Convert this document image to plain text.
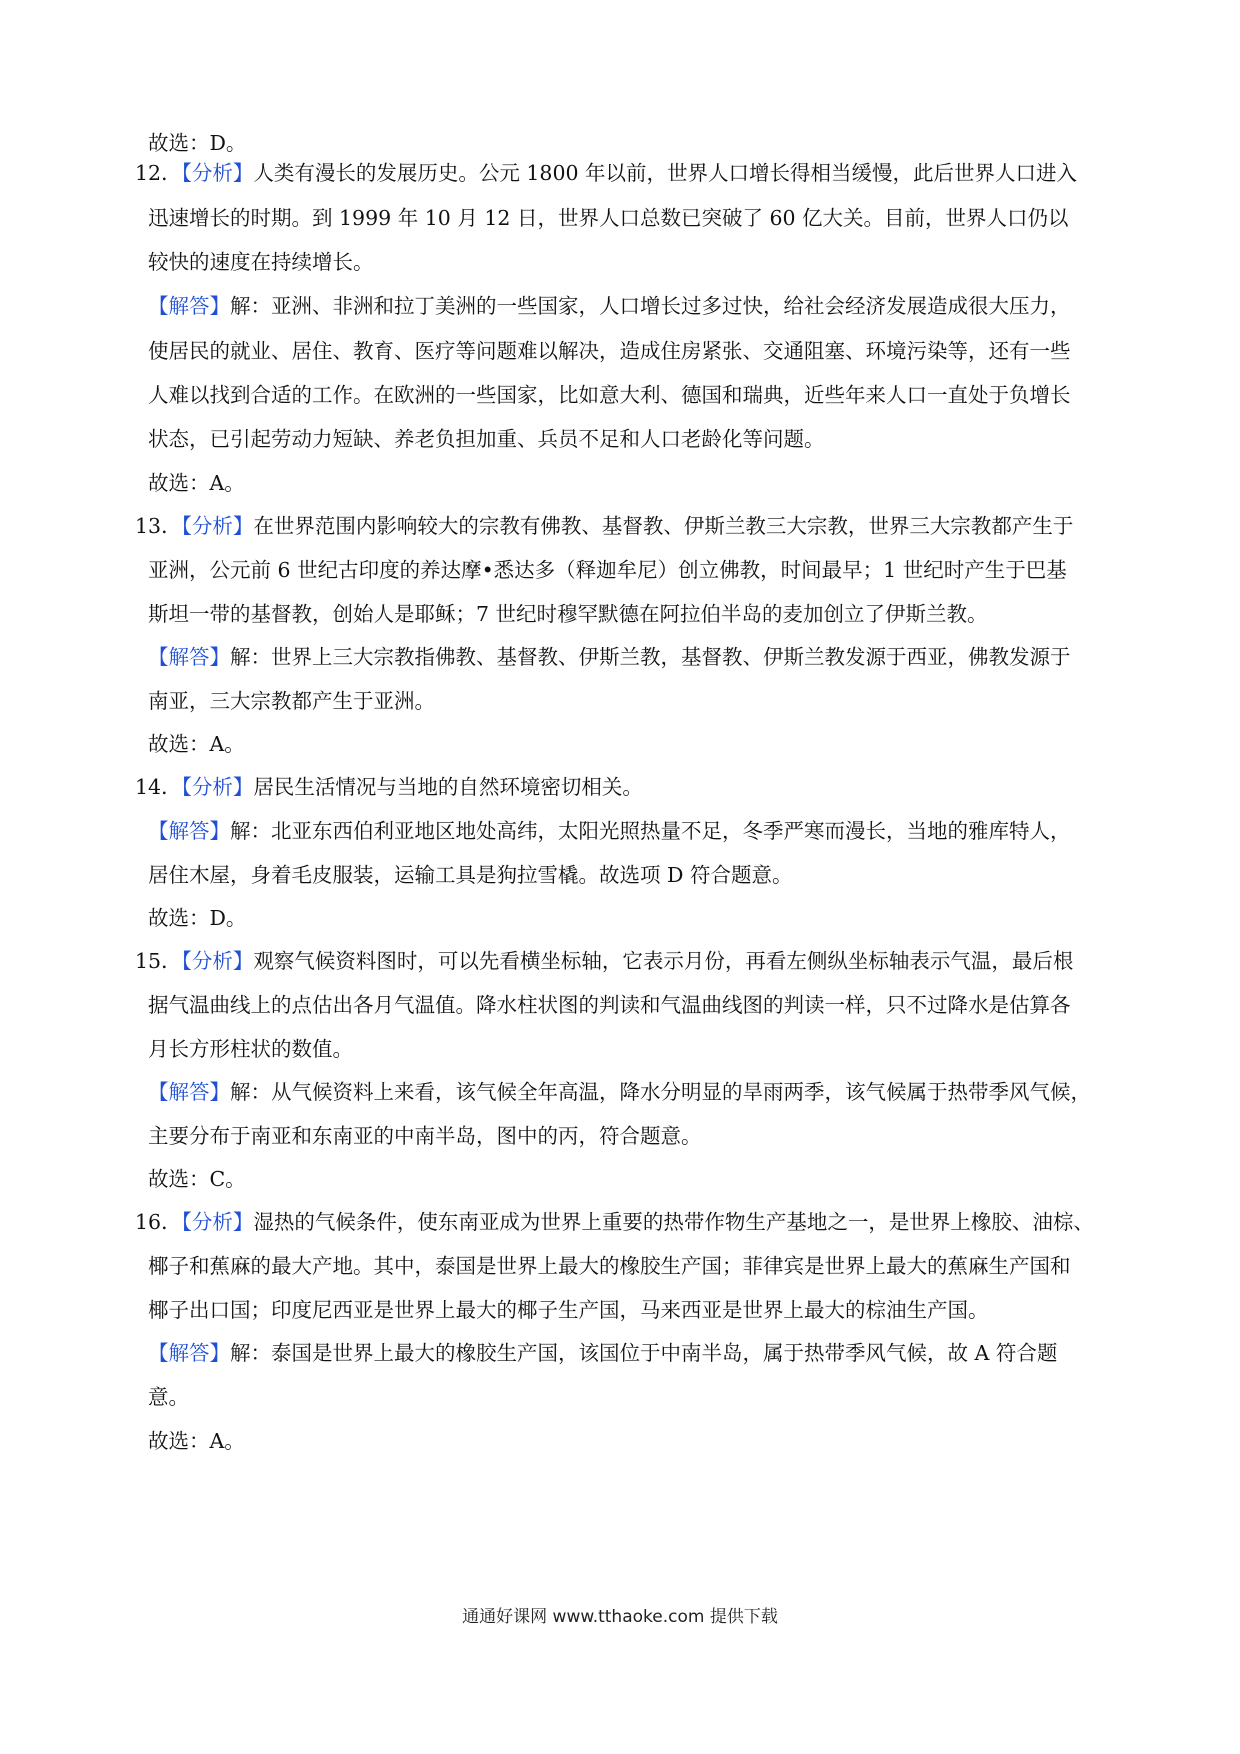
故选：D。

12．【分析】人类有漫长的发展历史。公元 1800 年以前，世界人口增长得相当缓慢，此后世界人口进入

迅速增长的时期。到 1999 年 10 月 12 日，世界人口总数已突破了 60 亿大关。目前，世界人口仍以

较快的速度在持续增长。

【解答】解：亚洲、非洲和拉丁美洲的一些国家，人口增长过多过快，给社会经济发展造成很大压力，

使居民的就业、居住、教育、医疗等问题难以解决，造成住房紧张、交通阻塞、环境污染等，还有一些

人难以找到合适的工作。在欧洲的一些国家，比如意大利、德国和瑞典，近些年来人口一直处于负增长

状态，已引起劳动力短缺、养老负担加重、兵员不足和人口老龄化等问题。

故选：A。

13．【分析】在世界范围内影响较大的宗教有佛教、基督教、伊斯兰教三大宗教，世界三大宗教都产生于

亚洲，公元前 6 世纪古印度的养达摩•悉达多（释迦牟尼）创立佛教，时间最早；1 世纪时产生于巴基

斯坦一带的基督教，创始人是耶稣；7 世纪时穆罕默德在阿拉伯半岛的麦加创立了伊斯兰教。

【解答】解：世界上三大宗教指佛教、基督教、伊斯兰教，基督教、伊斯兰教发源于西亚，佛教发源于

南亚，三大宗教都产生于亚洲。

故选：A。

14．【分析】居民生活情况与当地的自然环境密切相关。

【解答】解：北亚东西伯利亚地区地处高纬，太阳光照热量不足，冬季严寒而漫长，当地的雅库特人，

居住木屋，身着毛皮服装，运输工具是狗拉雪橇。故选项 D 符合题意。

故选：D。

15．【分析】观察气候资料图时，可以先看横坐标轴，它表示月份，再看左侧纵坐标轴表示气温，最后根

据气温曲线上的点估出各月气温值。降水柱状图的判读和气温曲线图的判读一样，只不过降水是估算各

月长方形柱状的数值。

【解答】解：从气候资料上来看，该气候全年高温，降水分明显的旱雨两季，该气候属于热带季风气候，

主要分布于南亚和东南亚的中南半岛，图中的丙，符合题意。

故选：C。

16．【分析】湿热的气候条件，使东南亚成为世界上重要的热带作物生产基地之一，是世界上橡胶、油棕、

椰子和蕉麻的最大产地。其中，泰国是世界上最大的橡胶生产国；菲律宾是世界上最大的蕉麻生产国和

椰子出口国；印度尼西亚是世界上最大的椰子生产国，马来西亚是世界上最大的棕油生产国。

【解答】解：泰国是世界上最大的橡胶生产国，该国位于中南半岛，属于热带季风气候，故 A 符合题

意。

故选：A。

通通好课网 www.tthaoke.com 提供下载
